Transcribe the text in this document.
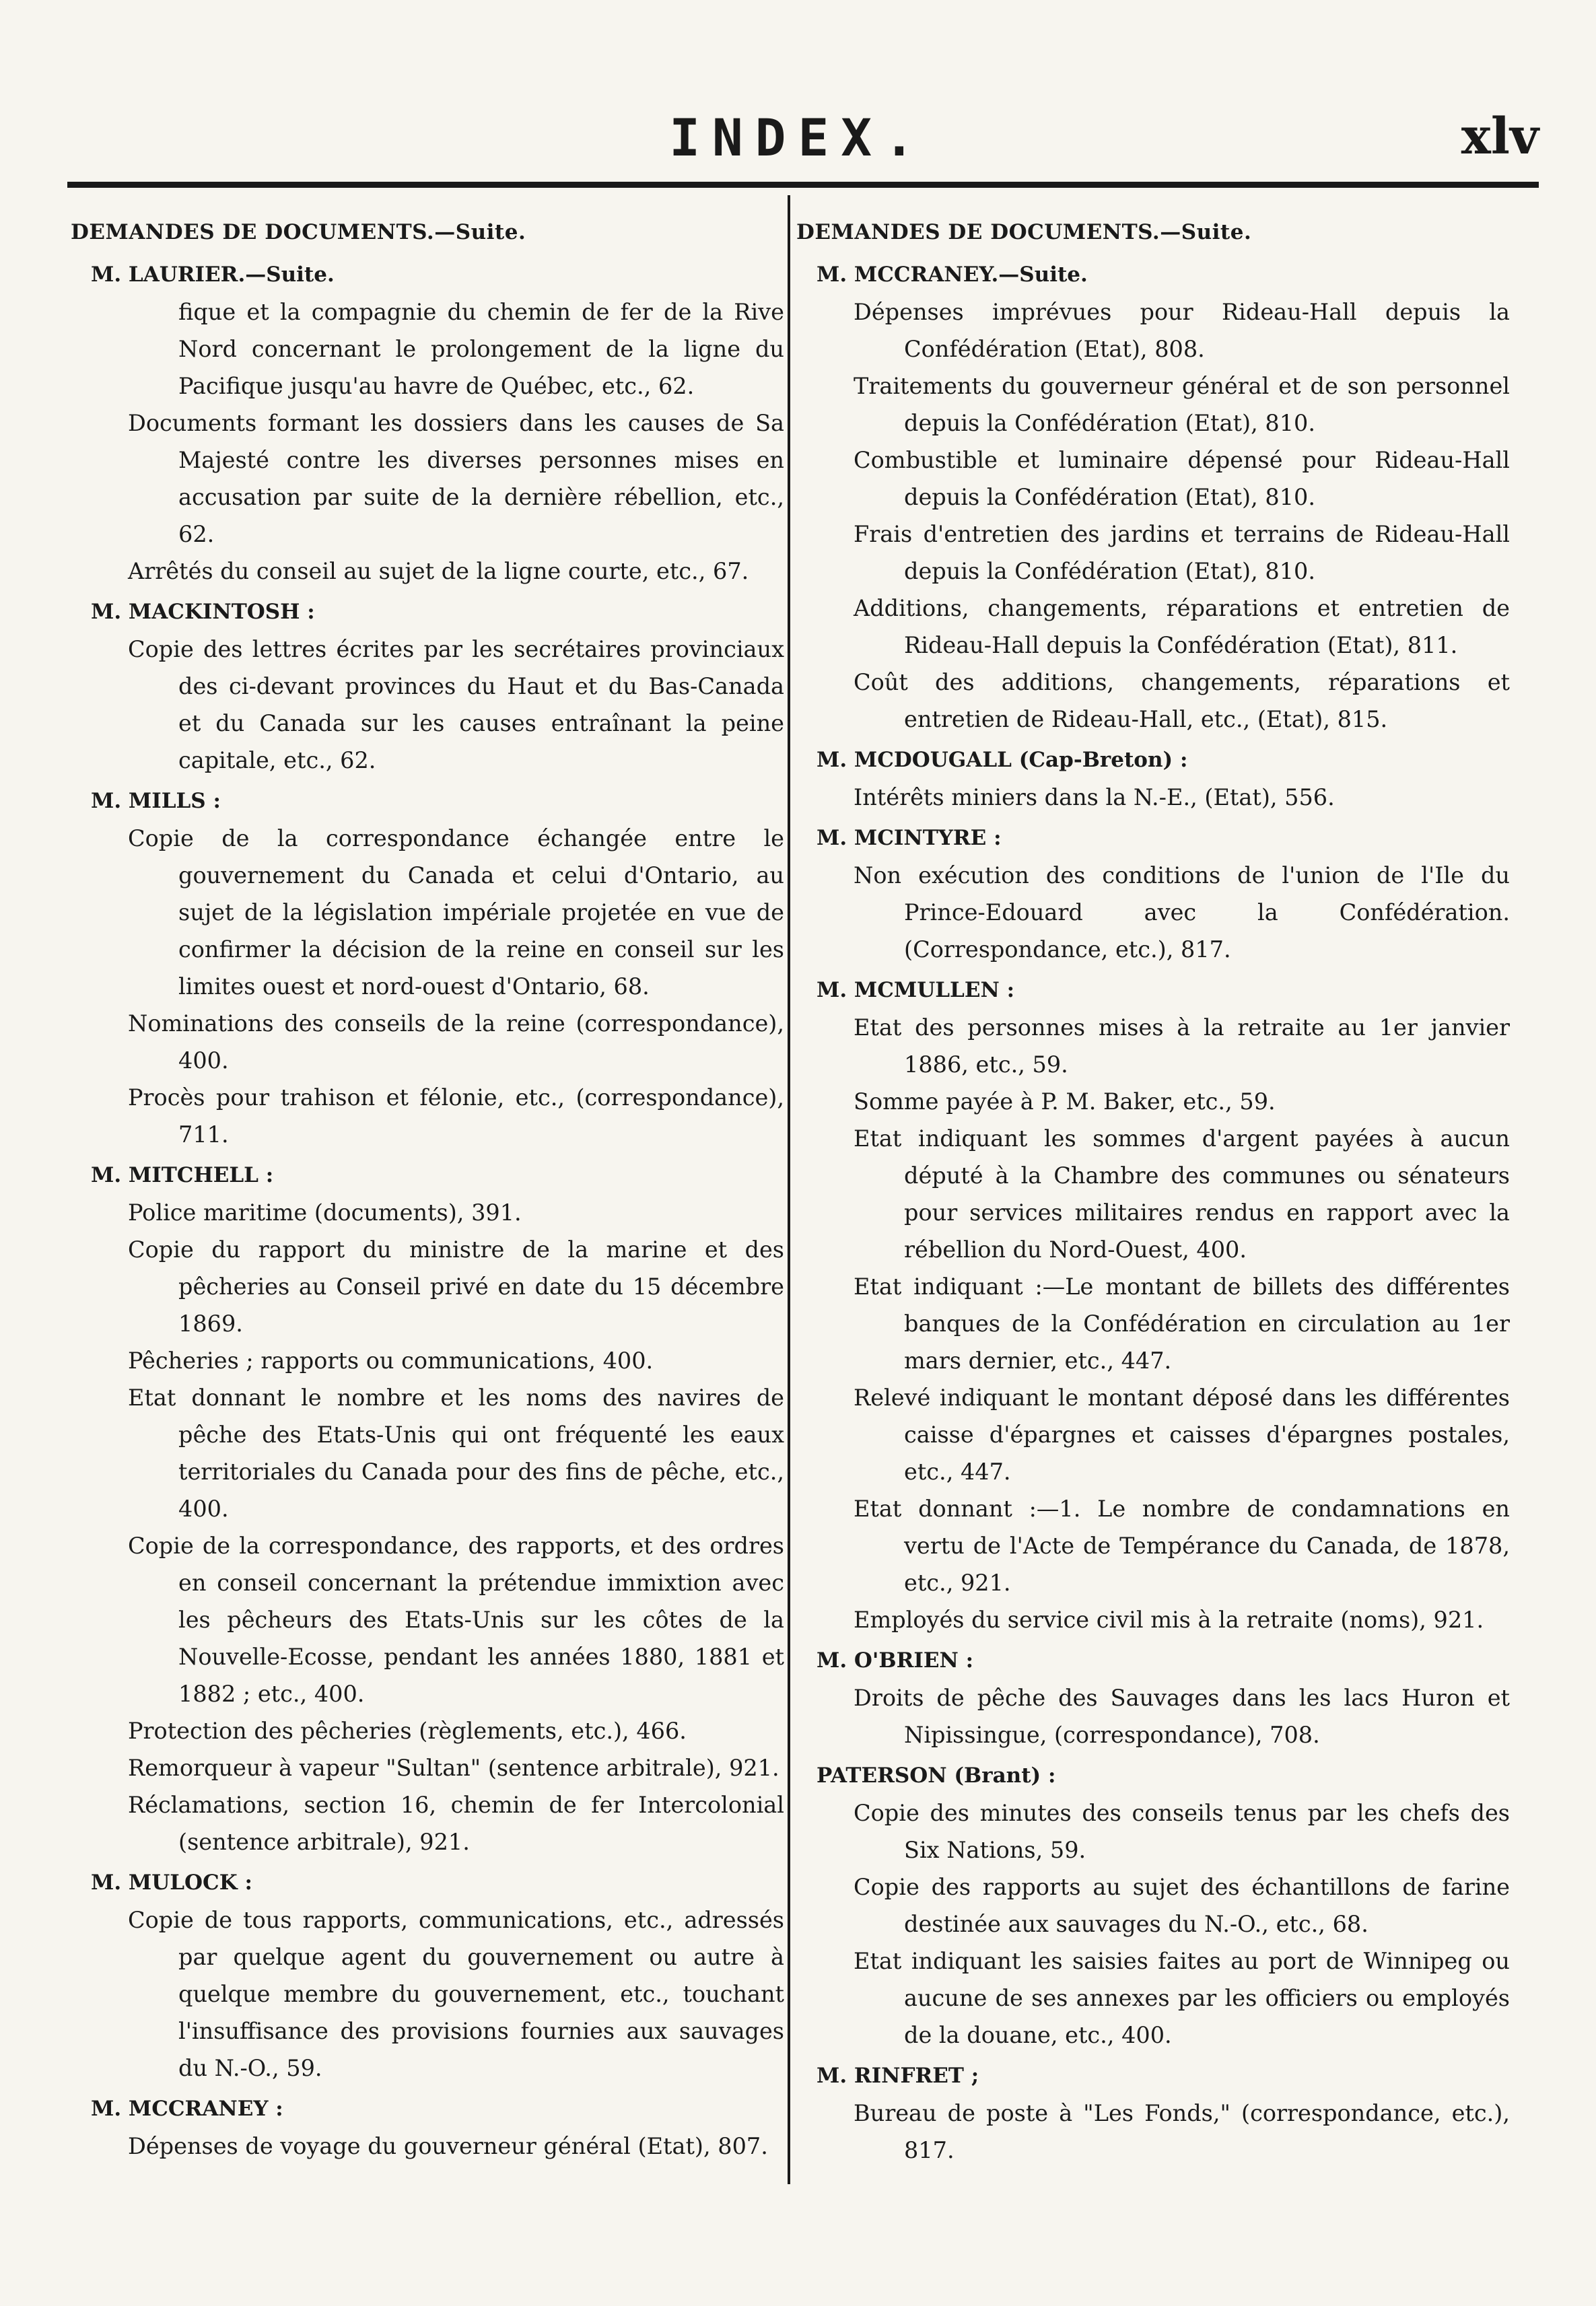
INDEX.	xlv
DEMANDES DE DOCUMENTS.—Suite.
M. LAURIER.—Suite.
fique et la compagnie du chemin de fer de la Rive Nord concernant le prolongement de la ligne du Pacifique jusqu'au havre de Québec, etc., 62.
Documents formant les dossiers dans les causes de Sa Majesté contre les diverses personnes mises en accusation par suite de la dernière rébellion, etc., 62.
Arrêtés du conseil au sujet de la ligne courte, etc., 67.
M. MACKINTOSH :
Copie des lettres écrites par les secrétaires provinciaux des ci-devant provinces du Haut et du Bas-Canada et du Canada sur les causes entraînant la peine capitale, etc., 62.
M. MILLS :
Copie de la correspondance échangée entre le gouvernement du Canada et celui d'Ontario, au sujet de la législation impériale projetée en vue de confirmer la décision de la reine en conseil sur les limites ouest et nord-ouest d'Ontario, 68.
Nominations des conseils de la reine (correspondance), 400.
Procès pour trahison et félonie, etc., (correspondance), 711.
M. MITCHELL :
Police maritime (documents), 391.
Copie du rapport du ministre de la marine et des pêcheries au Conseil privé en date du 15 décembre 1869.
Pêcheries ; rapports ou communications, 400.
Etat donnant le nombre et les noms des navires de pêche des Etats-Unis qui ont fréquenté les eaux territoriales du Canada pour des fins de pêche, etc., 400.
Copie de la correspondance, des rapports, et des ordres en conseil concernant la prétendue immixtion avec les pêcheurs des Etats-Unis sur les côtes de la Nouvelle-Ecosse, pendant les années 1880, 1881 et 1882 ; etc., 400.
Protection des pêcheries (règlements, etc.), 466.
Remorqueur à vapeur "Sultan" (sentence arbitrale), 921.
Réclamations, section 16, chemin de fer Intercolonial (sentence arbitrale), 921.
M. MULOCK :
Copie de tous rapports, communications, etc., adressés par quelque agent du gouvernement ou autre à quelque membre du gouvernement, etc., touchant l'insuffisance des provisions fournies aux sauvages du N.-O., 59.
M. MCCRANEY :
Dépenses de voyage du gouverneur général (Etat), 807.
DEMANDES DE DOCUMENTS.—Suite.
M. MCCRANEY.—Suite.
Dépenses imprévues pour Rideau-Hall depuis la Confédération (Etat), 808.
Traitements du gouverneur général et de son personnel depuis la Confédération (Etat), 810.
Combustible et luminaire dépensé pour Rideau-Hall depuis la Confédération (Etat), 810.
Frais d'entretien des jardins et terrains de Rideau-Hall depuis la Confédération (Etat), 810.
Additions, changements, réparations et entretien de Rideau-Hall depuis la Confédération (Etat), 811.
Coût des additions, changements, réparations et entretien de Rideau-Hall, etc., (Etat), 815.
M. MCDOUGALL (Cap-Breton) :
Intérêts miniers dans la N.-E., (Etat), 556.
M. MCINTYRE :
Non exécution des conditions de l'union de l'Ile du Prince-Edouard avec la Confédération. (Correspondance, etc.), 817.
M. MCMULLEN :
Etat des personnes mises à la retraite au 1er janvier 1886, etc., 59.
Somme payée à P. M. Baker, etc., 59.
Etat indiquant les sommes d'argent payées à aucun député à la Chambre des communes ou sénateurs pour services militaires rendus en rapport avec la rébellion du Nord-Ouest, 400.
Etat indiquant :—Le montant de billets des différentes banques de la Confédération en circulation au 1er mars dernier, etc., 447.
Relevé indiquant le montant déposé dans les différentes caisse d'épargnes et caisses d'épargnes postales, etc., 447.
Etat donnant :—1. Le nombre de condamnations en vertu de l'Acte de Tempérance du Canada, de 1878, etc., 921.
Employés du service civil mis à la retraite (noms), 921.
M. O'BRIEN :
Droits de pêche des Sauvages dans les lacs Huron et Nipissingue, (correspondance), 708.
PATERSON (Brant) :
Copie des minutes des conseils tenus par les chefs des Six Nations, 59.
Copie des rapports au sujet des échantillons de farine destinée aux sauvages du N.-O., etc., 68.
Etat indiquant les saisies faites au port de Winnipeg ou aucune de ses annexes par les officiers ou employés de la douane, etc., 400.
M. RINFRET ;
Bureau de poste à "Les Fonds," (correspondance, etc.), 817.
